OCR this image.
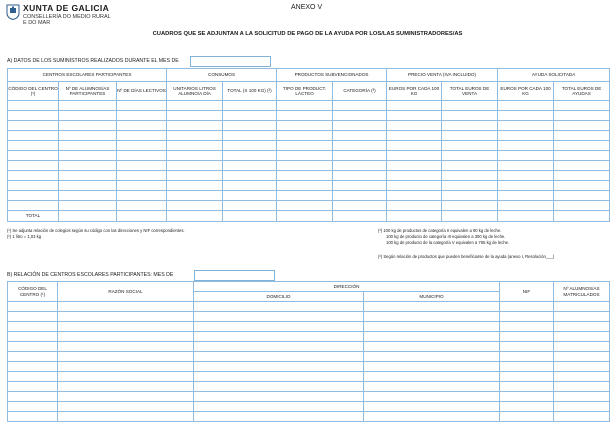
XUNTA DE GALICIA
CONSELLERÍA DO MEDIO RURAL
E DO MAR
ANEXO V
CUADROS QUE SE ADJUNTAN A LA SOLICITUD DE PAGO DE LA AYUDA POR LOS/LAS SUMINISTRADORES/AS
A) DATOS DE LOS SUMINISTROS REALIZADOS DURANTE EL MES DE
CENTROS ESCOLARES PARTICIPANTES			CONSUMOS		PRODUCTOS SUBVENCIONADOS		PRECIO VENTA (IVA INCLUIDO)		AYUDA SOLICITADA	
CÓDIGO DEL CENTRO (¹)	Nº DE ALUMNOS/AS PARTICIPANTES	Nº DE DÍAS LECTIVOS	UNITARIOS LITROS ALUMNO/A DÍA	TOTAL (X 100 KG) (²)	TIPO DE PRODUCT. LÁCTEO	CATEGORÍA (³)	EUROS POR CADA 100 KG	TOTAL EUROS DE VENTA	EUROS POR CADA 100 KG	TOTAL EUROS DE AYUDAS

TOTAL										
(¹) Se adjunta relación de colegios según su código con las direcciones y NIF correspondientes.
(²) 1 litro = 1,03 kg
(³) 100 kg de productos de categoría II equivalen a 90 kg de leche.
100 kg de producto de categoría III equivalen a 300 kg de leche.
100 kg de producto de la categoría V equivalen a 765 kg de leche.
(³) Según relación de productos que pueden beneficiarse de la ayuda (anexo I, Resolución___)
B) RELACIÓN DE CENTROS ESCOLARES PARTICIPANTES: MES DE
CÓDIGO DEL CENTRO (¹)	RAZÓN SOCIAL	DIRECCIÓN		NIF	Nº ALUMNOS/AS MATRICULADOS
		DOMICILIO	MUNICIPIO		
